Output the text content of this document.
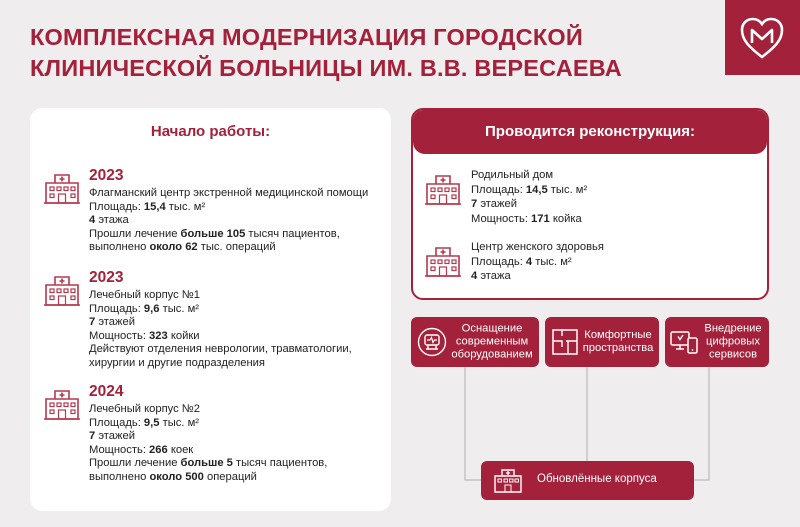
КОМПЛЕКСНАЯ МОДЕРНИЗАЦИЯ ГОРОДСКОЙ
КЛИНИЧЕСКОЙ БОЛЬНИЦЫ ИМ. В.В. ВЕРЕСАЕВА
Начало работы:
2023
Флагманский центр экстренной медицинской помощи
Площадь: 15,4 тыс. м²
4 этажа
Прошли лечение больше 105 тысяч пациентов,
выполнено около 62 тыс. операций
2023
Лечебный корпус №1
Площадь: 9,6 тыс. м²
7 этажей
Мощность: 323 койки
Действуют отделения неврологии, травматологии,
хирургии и другие подразделения
2024
Лечебный корпус №2
Площадь: 9,5 тыс. м²
7 этажей
Мощность: 266 коек
Прошли лечение больше 5 тысяч пациентов,
выполнено около 500 операций
Проводится реконструкция:
Родильный дом
Площадь: 14,5 тыс. м²
7 этажей
Мощность: 171 койка
Центр женского здоровья
Площадь: 4 тыс. м²
4 этажа
Оснащение
современным
оборудованием
Комфортные
пространства
Внедрение
цифровых
сервисов
Обновлённые корпуса
